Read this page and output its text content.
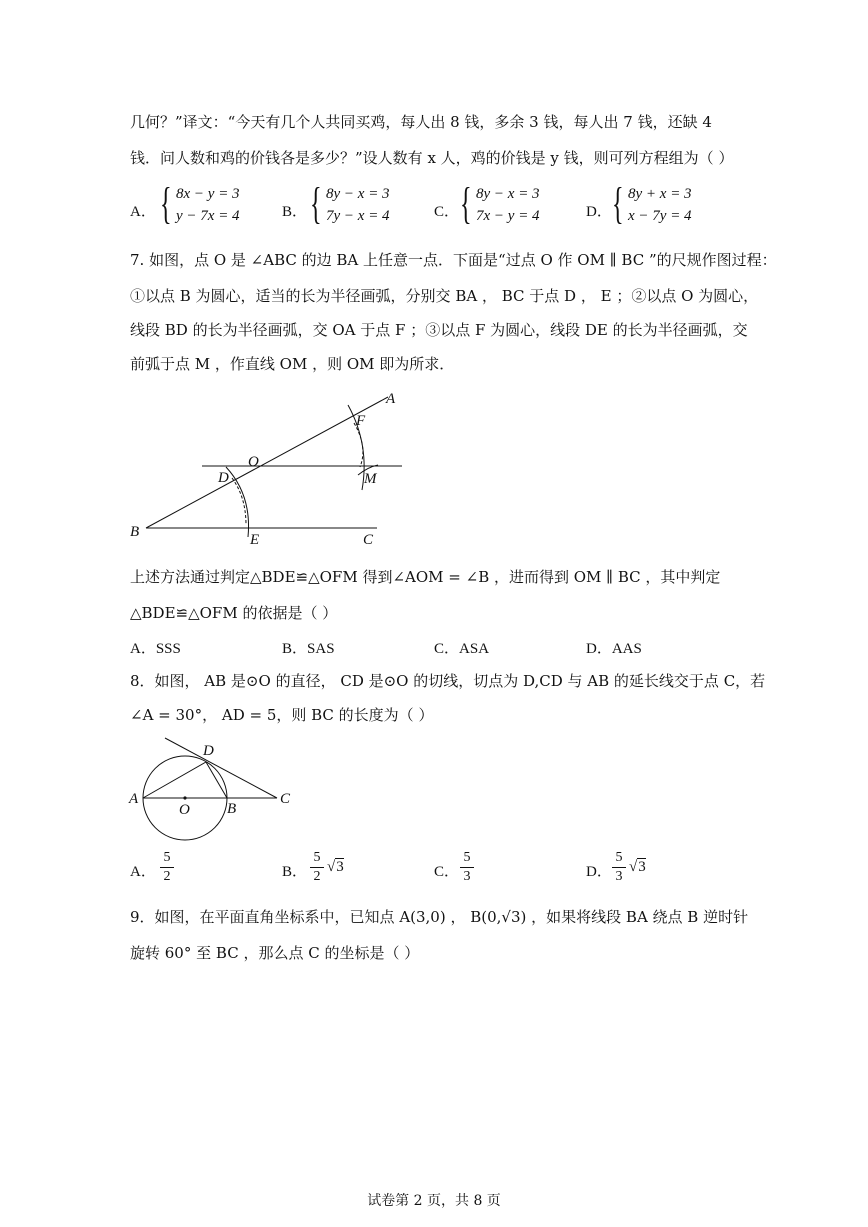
几何？”译文：“今天有几个人共同买鸡，每人出 8 钱，多余 3 钱，每人出 7 钱，还缺 4
钱．问人数和鸡的价钱各是多少？”设人数有 x 人，鸡的价钱是 y 钱，则可列方程组为（ ）
A． { 8x − y = 3
y − 7x = 4	B． { 8y − x = 3
7y − x = 4	C． { 8y − x = 3
7x − y = 4	D． { 8y + x = 3
x − 7y = 4
7. 如图，点 O 是 ∠ABC 的边 BA 上任意一点．下面是“过点 O 作 OM ∥ BC ”的尺规作图过程：
①以点 B 为圆心，适当的长为半径画弧，分别交 BA ， BC 于点 D ， E ；②以点 O 为圆心，
线段 BD 的长为半径画弧，交 OA 于点 F ；③以点 F 为圆心，线段 DE 的长为半径画弧，交
前弧于点 M ，作直线 OM ，则 OM 即为所求．
A
F
O
D	M
B	E	C
上述方法通过判定△BDE≌△OFM 得到∠AOM = ∠B ，进而得到 OM ∥ BC ，其中判定
△BDE≌△OFM 的依据是（ ）
A．SSS	B．SAS	C．ASA	D．AAS
8．如图， AB 是⊙O 的直径， CD 是⊙O 的切线，切点为 D,CD 与 AB 的延长线交于点 C，若
∠A = 30°， AD = 5，则 BC 的长度为（ ）
D
A
O B
C
A． $\frac{5}{2}$	B． $\frac{5}{2} √3$	C． $\frac{5}{3}$	D． $\frac{5}{3} √3$
9．如图，在平面直角坐标系中，已知点 A(3,0) ， B(0,√3) ，如果将线段 BA 绕点 B 逆时针
旋转 60° 至 BC ，那么点 C 的坐标是（ ）
试卷第 2 页，共 8 页
